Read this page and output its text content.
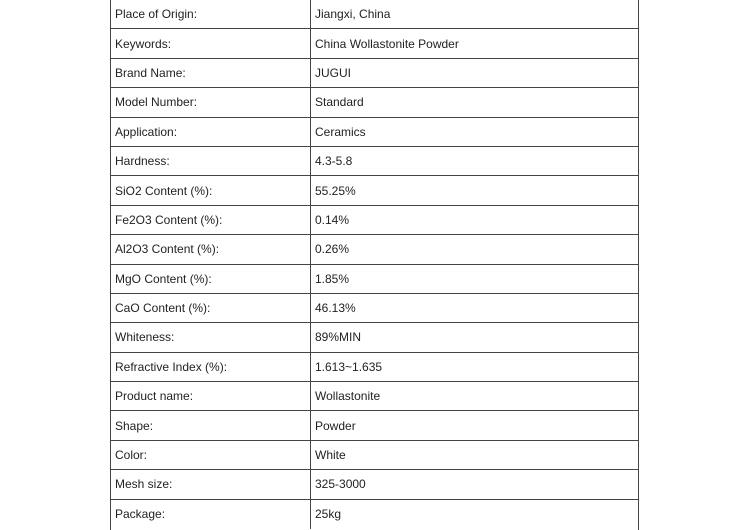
Place of Origin:	Jiangxi, China
Keywords:	China Wollastonite Powder
Brand Name:	JUGUI
Model Number:	Standard
Application:	Ceramics
Hardness:	4.3-5.8
SiO2 Content (%):	55.25%
Fe2O3 Content (%):	0.14%
Al2O3 Content (%):	0.26%
MgO Content (%):	1.85%
CaO Content (%):	46.13%
Whiteness:	89%MIN
Refractive Index (%):	1.613~1.635
Product name:	Wollastonite
Shape:	Powder
Color:	White
Mesh size:	325-3000
Package:	25kg
